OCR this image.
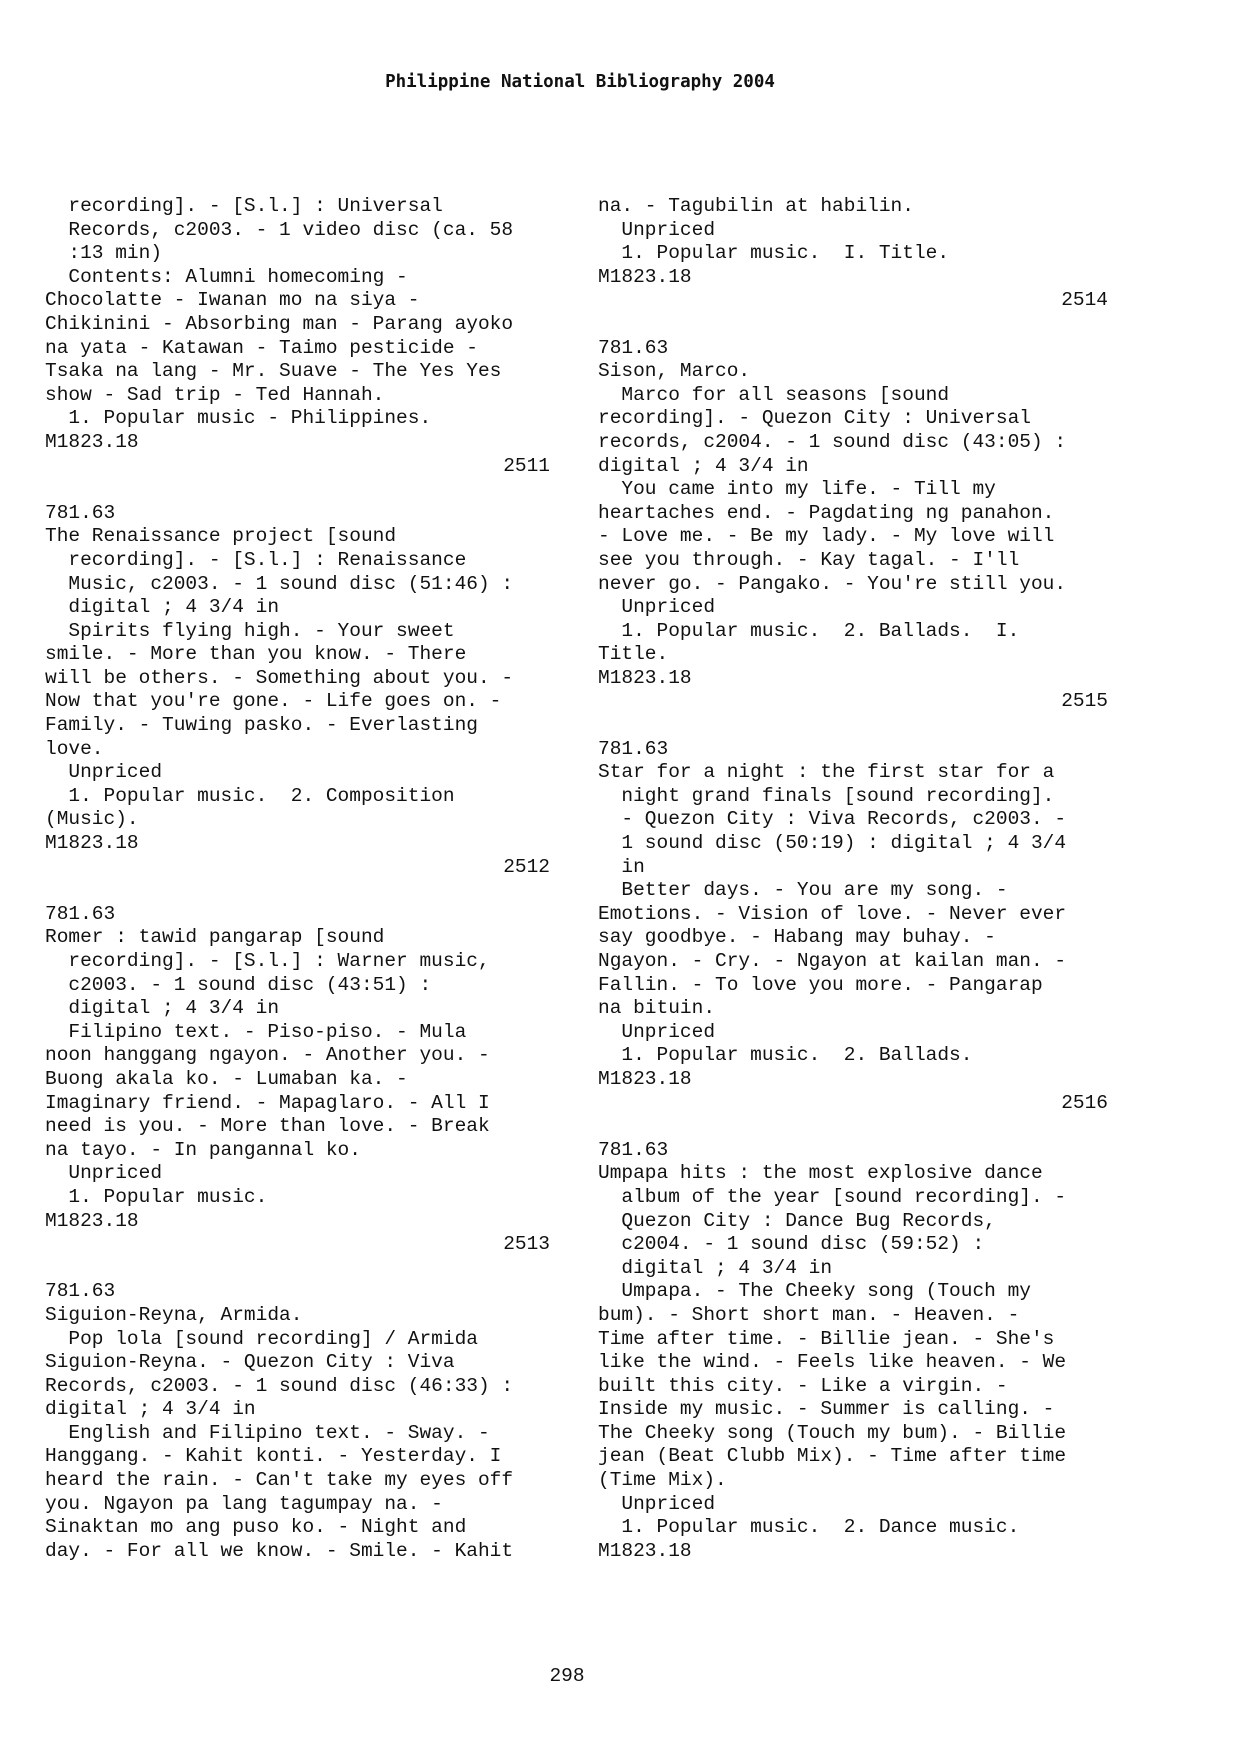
Philippine National Bibliography 2004
recording]. - [S.l.] : Universal
Records, c2003. - 1 video disc (ca. 58
:13 min)
Contents: Alumni homecoming -
Chocolatte - Iwanan mo na siya -
Chikinini - Absorbing man - Parang ayoko
na yata - Katawan - Taimo pesticide -
Tsaka na lang - Mr. Suave - The Yes Yes
show - Sad trip - Ted Hannah.
1. Popular music - Philippines.
M1823.18
2511
781.63
The Renaissance project [sound
recording]. - [S.l.] : Renaissance
Music, c2003. - 1 sound disc (51:46) :
digital ; 4 3/4 in
Spirits flying high. - Your sweet
smile. - More than you know. - There
will be others. - Something about you. -
Now that you're gone. - Life goes on. -
Family. - Tuwing pasko. - Everlasting
love.
Unpriced
1. Popular music.  2. Composition
(Music).
M1823.18
2512
781.63
Romer : tawid pangarap [sound
recording]. - [S.l.] : Warner music,
c2003. - 1 sound disc (43:51) :
digital ; 4 3/4 in
Filipino text. - Piso-piso. - Mula
noon hanggang ngayon. - Another you. -
Buong akala ko. - Lumaban ka. -
Imaginary friend. - Mapaglaro. - All I
need is you. - More than love. - Break
na tayo. - In pangannal ko.
Unpriced
1. Popular music.
M1823.18
2513
781.63
Siguion-Reyna, Armida.
Pop lola [sound recording] / Armida
Siguion-Reyna. - Quezon City : Viva
Records, c2003. - 1 sound disc (46:33) :
digital ; 4 3/4 in
English and Filipino text. - Sway. -
Hanggang. - Kahit konti. - Yesterday. I
heard the rain. - Can't take my eyes off
you. Ngayon pa lang tagumpay na. -
Sinaktan mo ang puso ko. - Night and
day. - For all we know. - Smile. - Kahit
na. - Tagubilin at habilin.
Unpriced
1. Popular music.  I. Title.
M1823.18
2514
781.63
Sison, Marco.
Marco for all seasons [sound
recording]. - Quezon City : Universal
records, c2004. - 1 sound disc (43:05) :
digital ; 4 3/4 in
You came into my life. - Till my
heartaches end. - Pagdating ng panahon.
- Love me. - Be my lady. - My love will
see you through. - Kay tagal. - I'll
never go. - Pangako. - You're still you.
Unpriced
1. Popular music.  2. Ballads.  I.
Title.
M1823.18
2515
781.63
Star for a night : the first star for a
night grand finals [sound recording].
- Quezon City : Viva Records, c2003. -
1 sound disc (50:19) : digital ; 4 3/4
in
Better days. - You are my song. -
Emotions. - Vision of love. - Never ever
say goodbye. - Habang may buhay. -
Ngayon. - Cry. - Ngayon at kailan man. -
Fallin. - To love you more. - Pangarap
na bituin.
Unpriced
1. Popular music.  2. Ballads.
M1823.18
2516
781.63
Umpapa hits : the most explosive dance
album of the year [sound recording]. -
Quezon City : Dance Bug Records,
c2004. - 1 sound disc (59:52) :
digital ; 4 3/4 in
Umpapa. - The Cheeky song (Touch my
bum). - Short short man. - Heaven. -
Time after time. - Billie jean. - She's
like the wind. - Feels like heaven. - We
built this city. - Like a virgin. -
Inside my music. - Summer is calling. -
The Cheeky song (Touch my bum). - Billie
jean (Beat Clubb Mix). - Time after time
(Time Mix).
Unpriced
1. Popular music.  2. Dance music.
M1823.18
298
